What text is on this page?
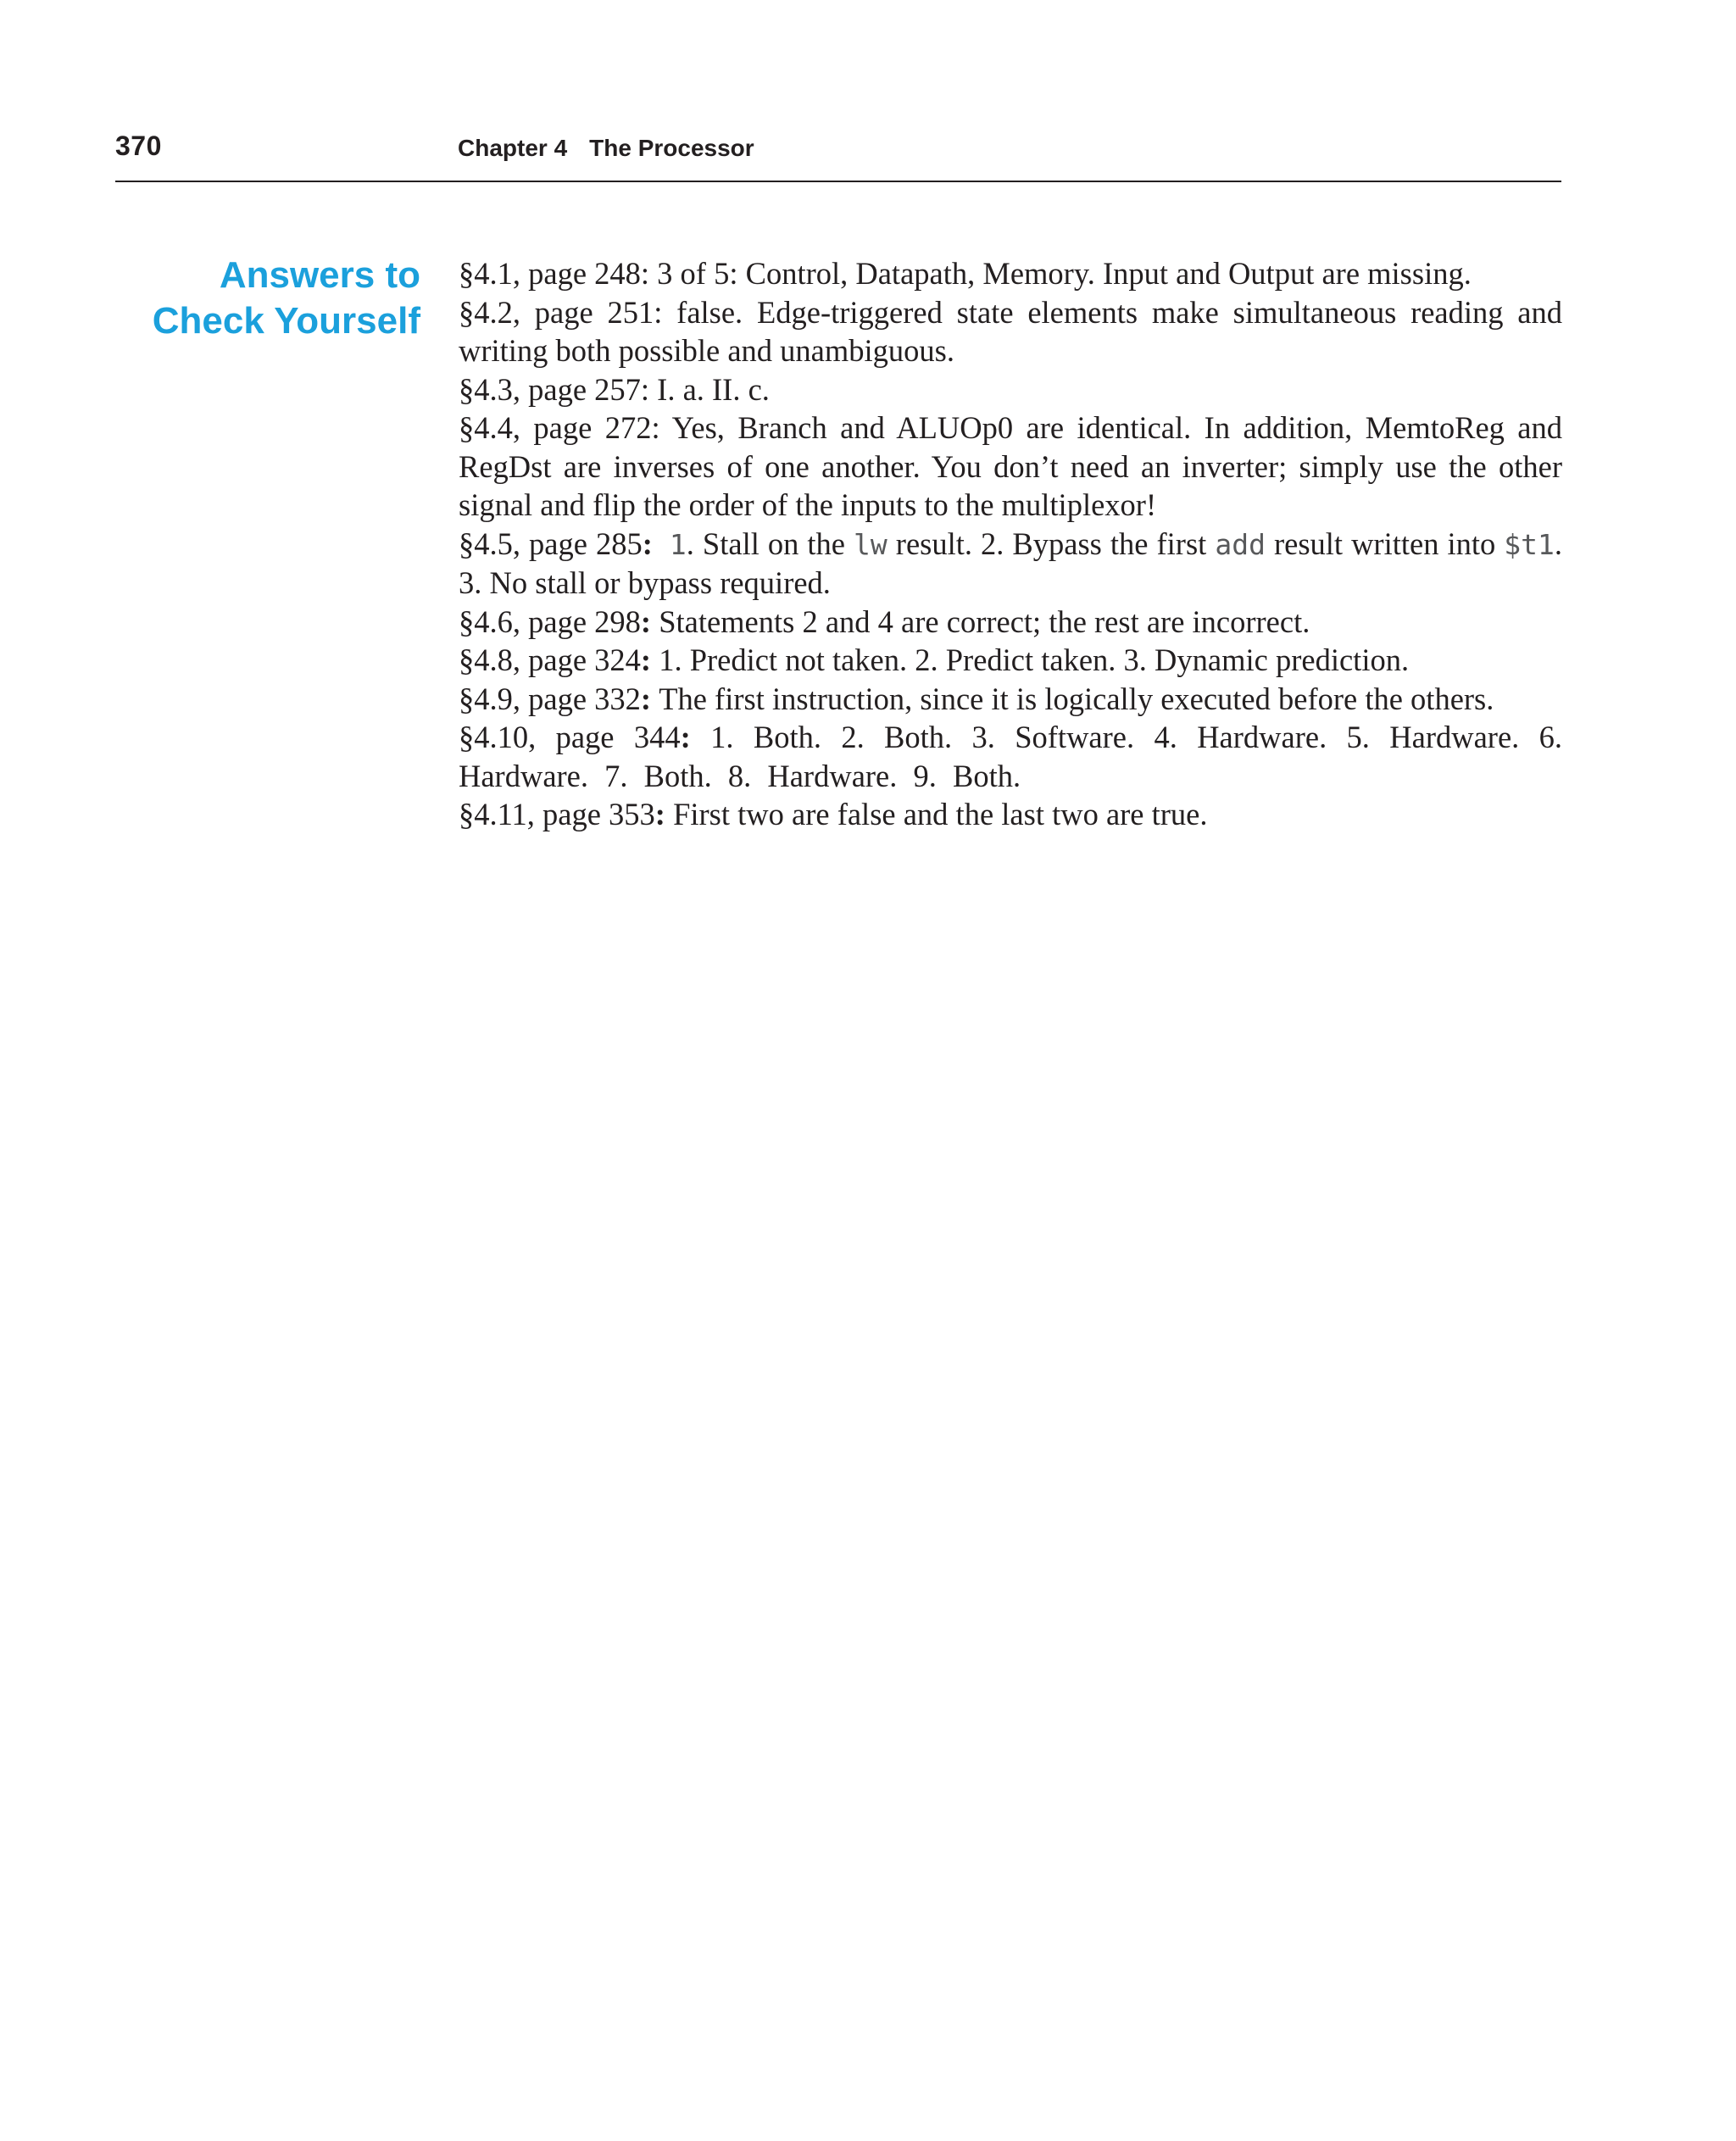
370	Chapter 4 The Processor
Answers to
Check Yourself

§4.1, page 248: 3 of 5: Control, Datapath, Memory. Input and Output are missing.

§4.2, page 251: false. Edge-triggered state elements make simultaneous reading and writing both possible and unambiguous.

§4.3, page 257: I. a. II. c.

§4.4, page 272: Yes, Branch and ALUOp0 are identical. In addition, MemtoReg and RegDst are inverses of one another. You don’t need an inverter; simply use the other signal and flip the order of the inputs to the multiplexor!

§4.5, page 285: 1. Stall on the lw result. 2. Bypass the first add result written into $t1. 3. No stall or bypass required.

§4.6, page 298: Statements 2 and 4 are correct; the rest are incorrect.

§4.8, page 324: 1. Predict not taken. 2. Predict taken. 3. Dynamic prediction.

§4.9, page 332: The first instruction, since it is logically executed before the others.

§4.10, page 344: 1. Both. 2. Both. 3. Software. 4. Hardware. 5. Hardware. 6. Hardware. 7. Both. 8. Hardware. 9. Both.

§4.11, page 353: First two are false and the last two are true.
